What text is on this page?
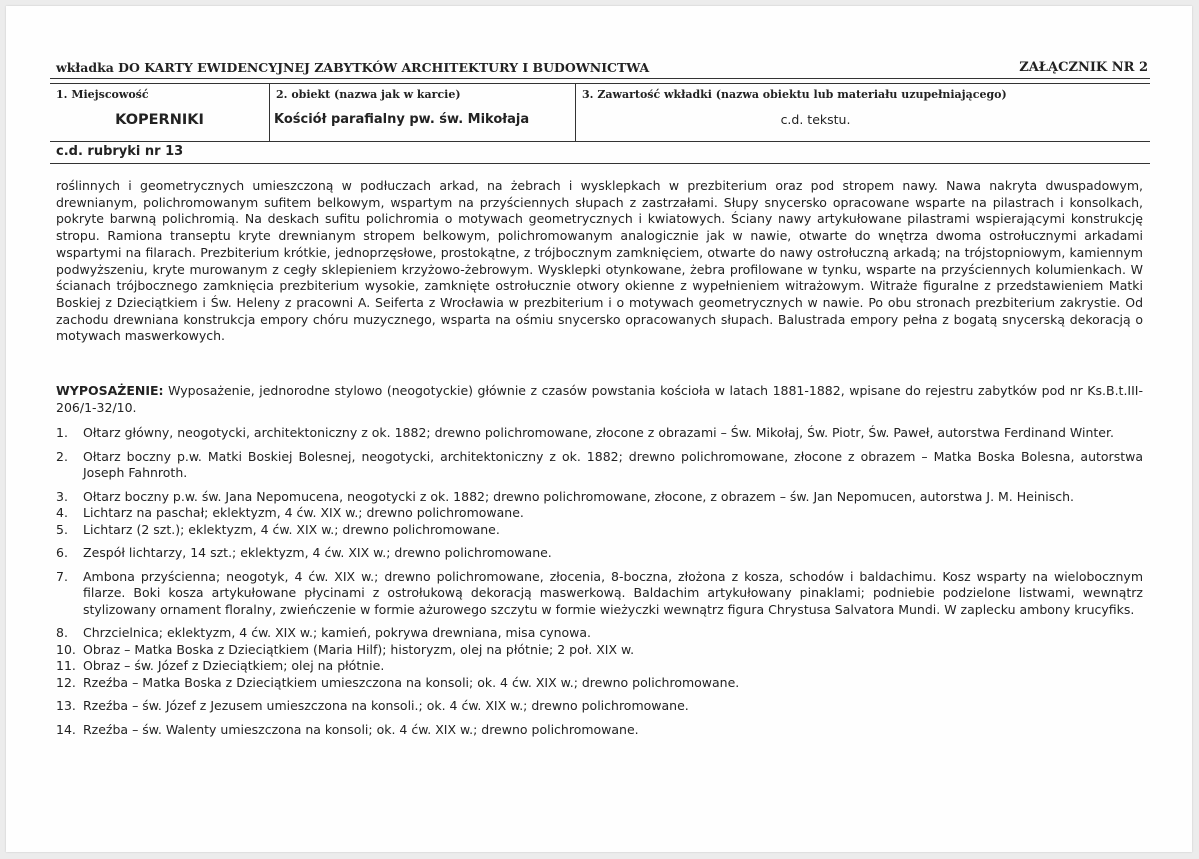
wkładka DO KARTY EWIDENCYJNEJ ZABYTKÓW ARCHITEKTURY I BUDOWNICTWA	ZAŁĄCZNIK NR 2
1. Miejscowość
KOPERNIKI
2. obiekt (nazwa jak w karcie)
Kościół parafialny pw. św. Mikołaja
3. Zawartość wkładki (nazwa obiektu lub materiału uzupełniającego)
c.d. tekstu.
c.d. rubryki nr 13

roślinnych i geometrycznych umieszczoną w podłuczach arkad, na żebrach i wysklepkach w prezbiterium oraz pod stropem nawy. Nawa nakryta dwuspadowym, drewnianym, polichromowanym sufitem belkowym, wspartym na przyściennych słupach z zastrzałami. Słupy snycersko opracowane wsparte na pilastrach i konsolkach, pokryte barwną polichromią. Na deskach sufitu polichromia o motywach geometrycznych i kwiatowych. Ściany nawy artykułowane pilastrami wspierającymi konstrukcję stropu. Ramiona transeptu kryte drewnianym stropem belkowym, polichromowanym analogicznie jak w nawie, otwarte do wnętrza dwoma ostrołucznymi arkadami wspartymi na filarach. Prezbiterium krótkie, jednoprzęsłowe, prostokątne, z trójbocznym zamknięciem, otwarte do nawy ostrołuczną arkadą; na trójstopniowym, kamiennym podwyższeniu, kryte murowanym z cegły sklepieniem krzyżowo-żebrowym. Wysklepki otynkowane, żebra profilowane w tynku, wsparte na przyściennych kolumienkach. W ścianach trójbocznego zamknięcia prezbiterium wysokie, zamknięte ostrołucznie otwory okienne z wypełnieniem witrażowym. Witraże figuralne z przedstawieniem Matki Boskiej z Dzieciątkiem i Św. Heleny z pracowni A. Seiferta z Wrocławia w prezbiterium i o motywach geometrycznych w nawie. Po obu stronach prezbiterium zakrystie. Od zachodu drewniana konstrukcja empory chóru muzycznego, wsparta na ośmiu snycersko opracowanych słupach. Balustrada empory pełna z bogatą snycerską dekoracją o motywach maswerkowych.

WYPOSAŻENIE: Wyposażenie, jednorodne stylowo (neogotyckie) głównie z czasów powstania kościoła w latach 1881-1882, wpisane do rejestru zabytków pod nr Ks.B.t.III-206/1-32/10.

1. Ołtarz główny, neogotycki, architektoniczny z ok. 1882; drewno polichromowane, złocone z obrazami – Św. Mikołaj, Św. Piotr, Św. Paweł, autorstwa Ferdinand Winter.
2. Ołtarz boczny p.w. Matki Boskiej Bolesnej, neogotycki, architektoniczny z ok. 1882; drewno polichromowane, złocone z obrazem – Matka Boska Bolesna, autorstwa Joseph Fahnroth.
3. Ołtarz boczny p.w. św. Jana Nepomucena, neogotycki z ok. 1882; drewno polichromowane, złocone, z obrazem – św. Jan Nepomucen, autorstwa J. M. Heinisch.
4. Lichtarz na paschał; eklektyzm, 4 ćw. XIX w.; drewno polichromowane.
5. Lichtarz (2 szt.); eklektyzm, 4 ćw. XIX w.; drewno polichromowane.
6. Zespół lichtarzy, 14 szt.; eklektyzm, 4 ćw. XIX w.; drewno polichromowane.
7. Ambona przyścienna; neogotyk, 4 ćw. XIX w.; drewno polichromowane, złocenia, 8-boczna, złożona z kosza, schodów i baldachimu. Kosz wsparty na wielobocznym filarze. Boki kosza artykułowane płycinami z ostrołukową dekoracją maswerkową. Baldachim artykułowany pinaklami; podniebie podzielone listwami, wewnątrz stylizowany ornament floralny, zwieńczenie w formie ażurowego szczytu w formie wieżyczki wewnątrz figura Chrystusa Salvatora Mundi. W zaplecku ambony krucyfiks.
8. Chrzcielnica; eklektyzm, 4 ćw. XIX w.; kamień, pokrywa drewniana, misa cynowa.
10. Obraz – Matka Boska z Dzieciątkiem (Maria Hilf); historyzm, olej na płótnie; 2 poł. XIX w.
11. Obraz – św. Józef z Dzieciątkiem; olej na płótnie.
12. Rzeźba – Matka Boska z Dzieciątkiem umieszczona na konsoli; ok. 4 ćw. XIX w.; drewno polichromowane.
13. Rzeźba – św. Józef z Jezusem umieszczona na konsoli.; ok. 4 ćw. XIX w.; drewno polichromowane.
14. Rzeźba – św. Walenty umieszczona na konsoli; ok. 4 ćw. XIX w.; drewno polichromowane.
